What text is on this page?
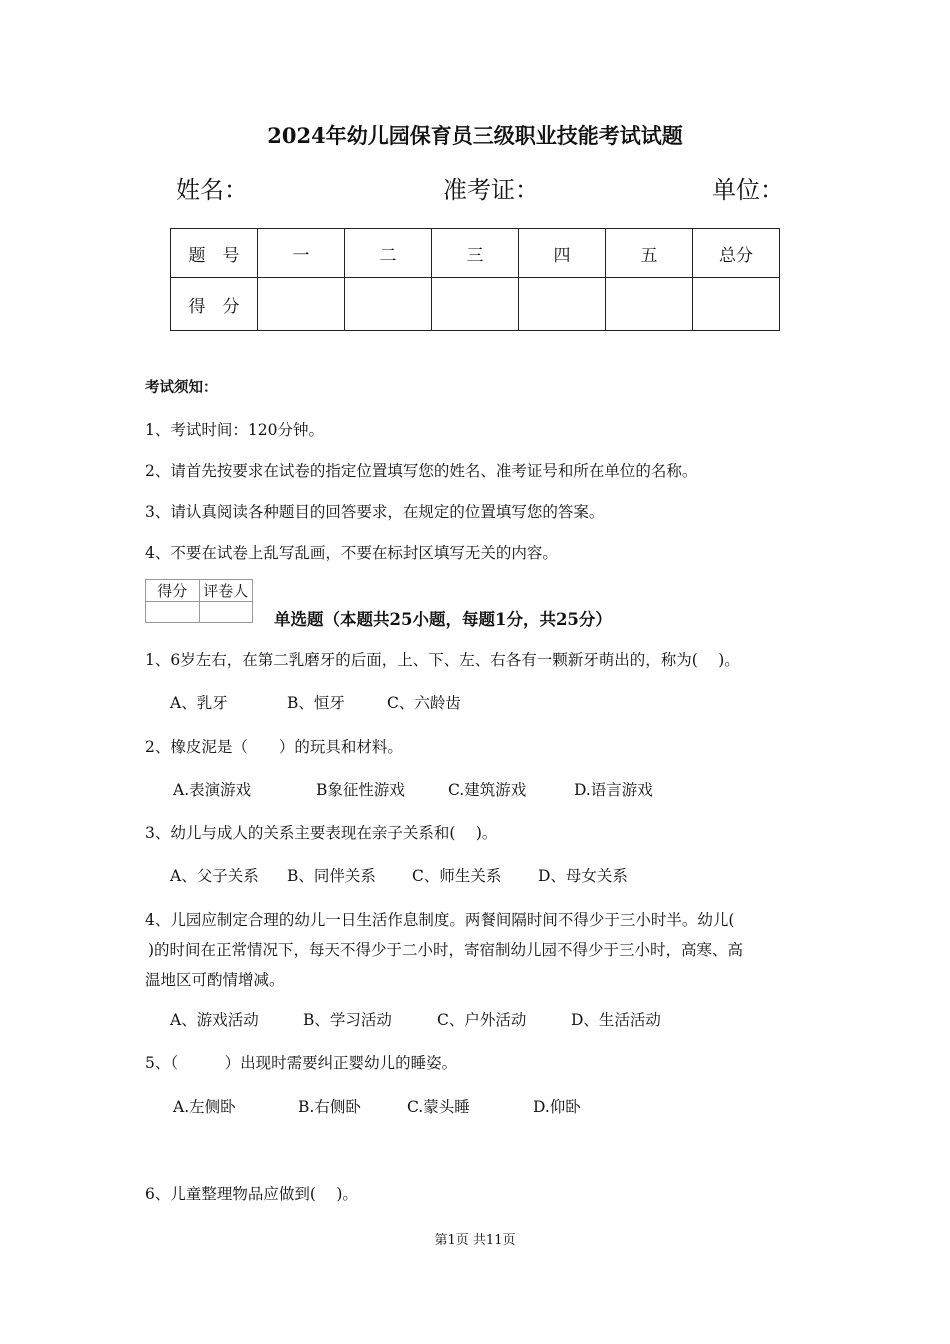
2024年幼儿园保育员三级职业技能考试试题
姓名：	准考证：	单位：
题　号	一	二	三	四	五	总分
得　分						
考试须知：
1、考试时间：120分钟。
2、请首先按要求在试卷的指定位置填写您的姓名、准考证号和所在单位的名称。
3、请认真阅读各种题目的回答要求，在规定的位置填写您的答案。
4、不要在试卷上乱写乱画，不要在标封区填写无关的内容。
得分	评卷人

单选题（本题共25小题，每题1分，共25分）
1、6岁左右，在第二乳磨牙的后面，上、下、左、右各有一颗新牙萌出的，称为(　 )。
A、乳牙	B、恒牙	C、六龄齿
2、橡皮泥是（　　）的玩具和材料。
A.表演游戏	B象征性游戏	C.建筑游戏	D.语言游戏
3、幼儿与成人的关系主要表现在亲子关系和(　 )。
A、父子关系 B、同伴关系 C、师生关系 D、母女关系
4、儿园应制定合理的幼儿一日生活作息制度。两餐间隔时间不得少于三小时半。幼儿(
)的时间在正常情况下，每天不得少于二小时，寄宿制幼儿园不得少于三小时，高寒、高
温地区可酌情增减。
A、游戏活动	B、学习活动	C、户外活动	D、生活活动
5、（　　　）出现时需要纠正婴幼儿的睡姿。
A.左侧卧	B.右侧卧	C.蒙头睡	D.仰卧
6、儿童整理物品应做到(　 )。
第1页 共11页
